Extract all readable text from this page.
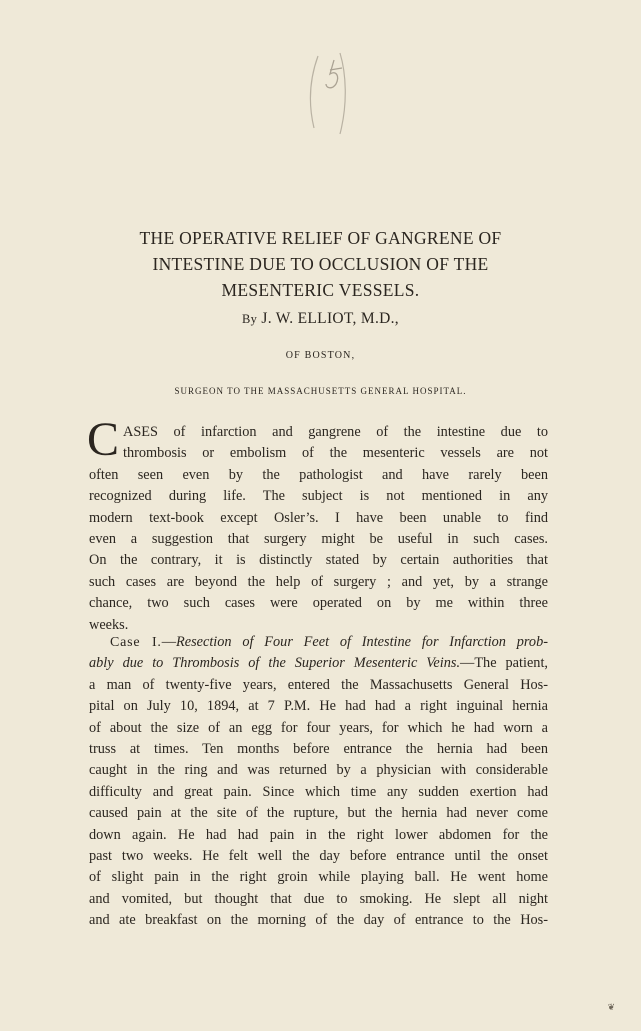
THE OPERATIVE RELIEF OF GANGRENE OF
INTESTINE DUE TO OCCLUSION OF THE
MESENTERIC VESSELS.
By J. W. ELLIOT, M.D.,
OF BOSTON,
SURGEON TO THE MASSACHUSETTS GENERAL HOSPITAL.
C ASES of infarction and gangrene of the intestine due to
thrombosis or embolism of the mesenteric vessels are not
often seen even by the pathologist and have rarely been
recognized during life. The subject is not mentioned in any
modern text-book except Osler’s. I have been unable to find
even a suggestion that surgery might be useful in such cases.
On the contrary, it is distinctly stated by certain authorities that
such cases are beyond the help of surgery ; and yet, by a strange
chance, two such cases were operated on by me within three
weeks.
Case I.—Resection of Four Feet of Intestine for Infarction prob-
ably due to Thrombosis of the Superior Mesenteric Veins.—The patient,
a man of twenty-five years, entered the Massachusetts General Hos-
pital on July 10, 1894, at 7 P.M. He had had a right inguinal hernia
of about the size of an egg for four years, for which he had worn a
truss at times. Ten months before entrance the hernia had been
caught in the ring and was returned by a physician with considerable
difficulty and great pain. Since which time any sudden exertion had
caused pain at the site of the rupture, but the hernia had never come
down again. He had had pain in the right lower abdomen for the
past two weeks. He felt well the day before entrance until the onset
of slight pain in the right groin while playing ball. He went home
and vomited, but thought that due to smoking. He slept all night
and ate breakfast on the morning of the day of entrance to the Hos-
❦
